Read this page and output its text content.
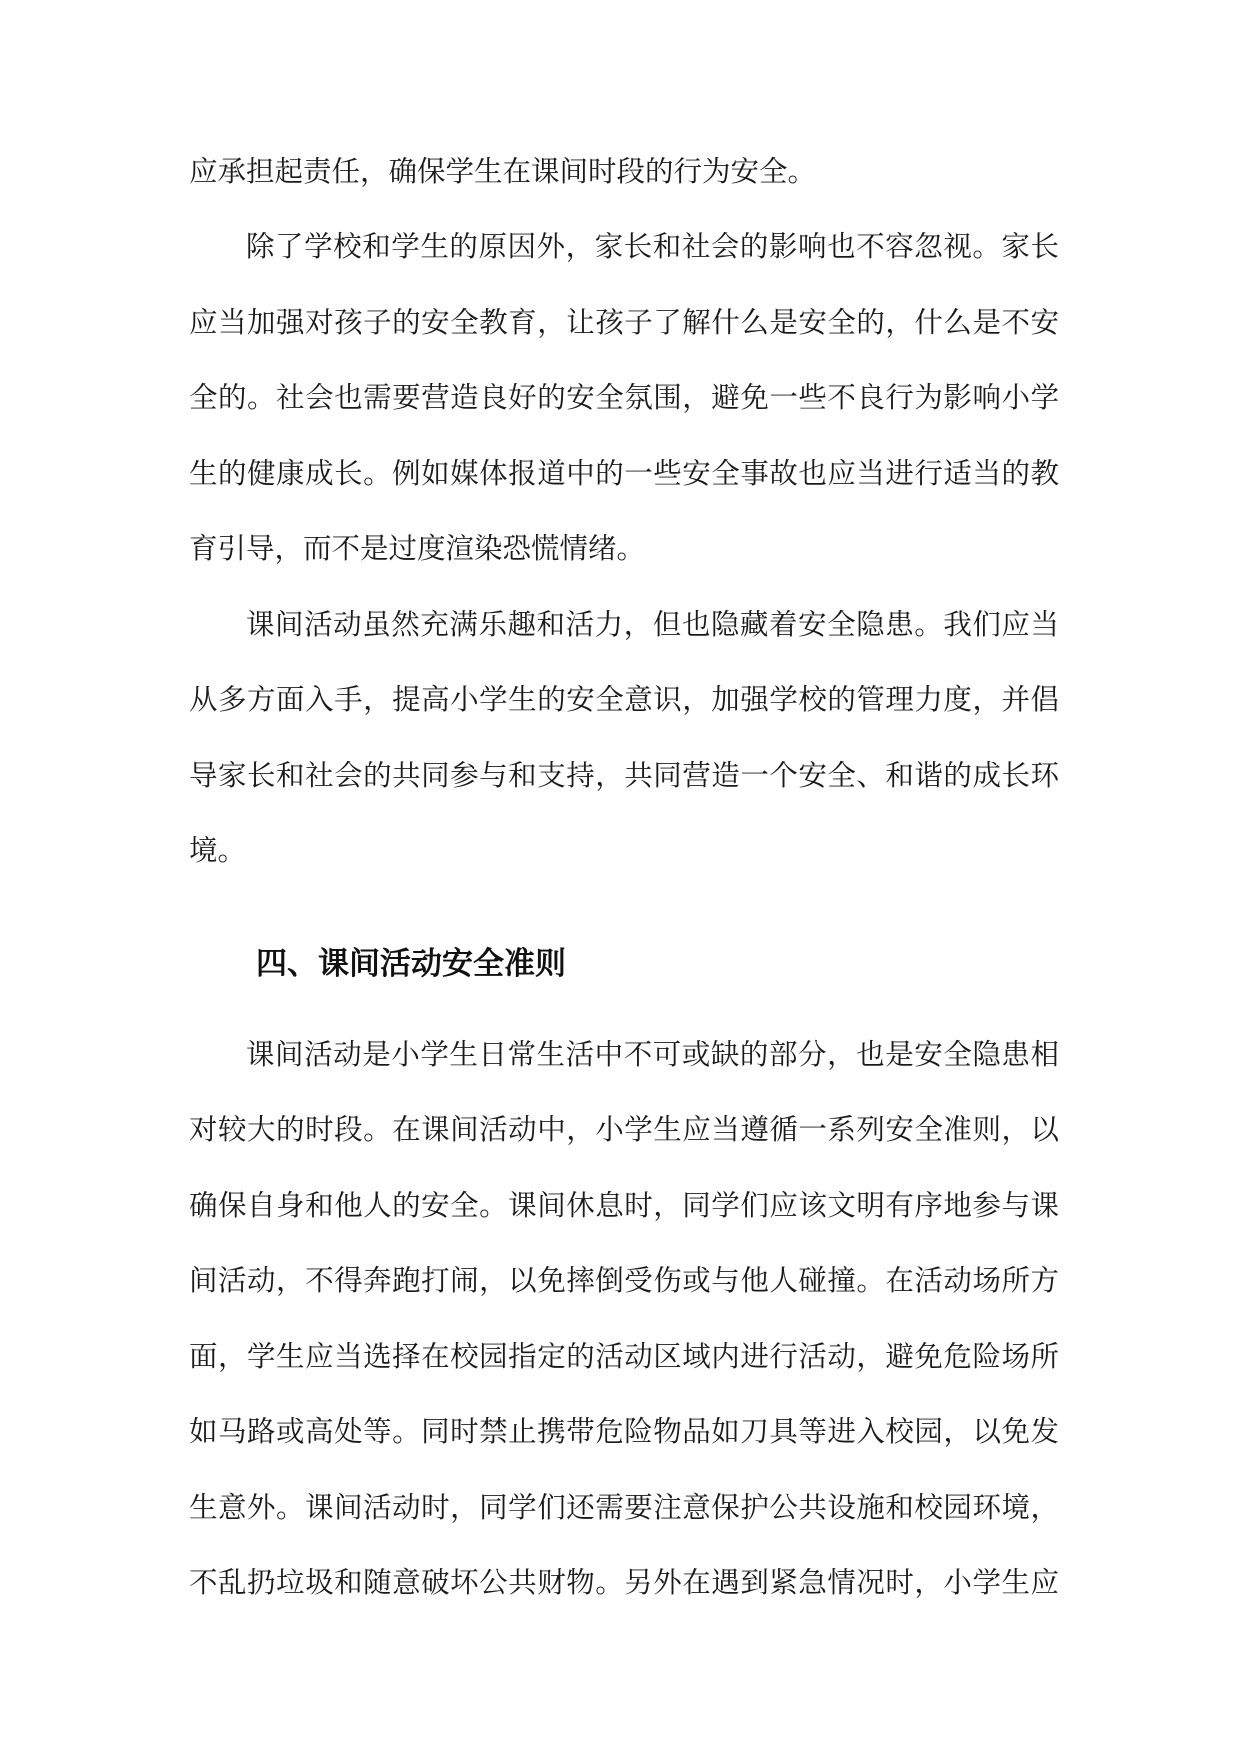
应承担起责任，确保学生在课间时段的行为安全。
除了学校和学生的原因外，家长和社会的影响也不容忽视。家长
应当加强对孩子的安全教育，让孩子了解什么是安全的，什么是不安
全的。社会也需要营造良好的安全氛围，避免一些不良行为影响小学
生的健康成长。例如媒体报道中的一些安全事故也应当进行适当的教
育引导，而不是过度渲染恐慌情绪。
课间活动虽然充满乐趣和活力，但也隐藏着安全隐患。我们应当
从多方面入手，提高小学生的安全意识，加强学校的管理力度，并倡
导家长和社会的共同参与和支持，共同营造一个安全、和谐的成长环
境。
四、课间活动安全准则
课间活动是小学生日常生活中不可或缺的部分，也是安全隐患相
对较大的时段。在课间活动中，小学生应当遵循一系列安全准则，以
确保自身和他人的安全。课间休息时，同学们应该文明有序地参与课
间活动，不得奔跑打闹，以免摔倒受伤或与他人碰撞。在活动场所方
面，学生应当选择在校园指定的活动区域内进行活动，避免危险场所
如马路或高处等。同时禁止携带危险物品如刀具等进入校园，以免发
生意外。课间活动时，同学们还需要注意保护公共设施和校园环境，
不乱扔垃圾和随意破坏公共财物。另外在遇到紧急情况时，小学生应
